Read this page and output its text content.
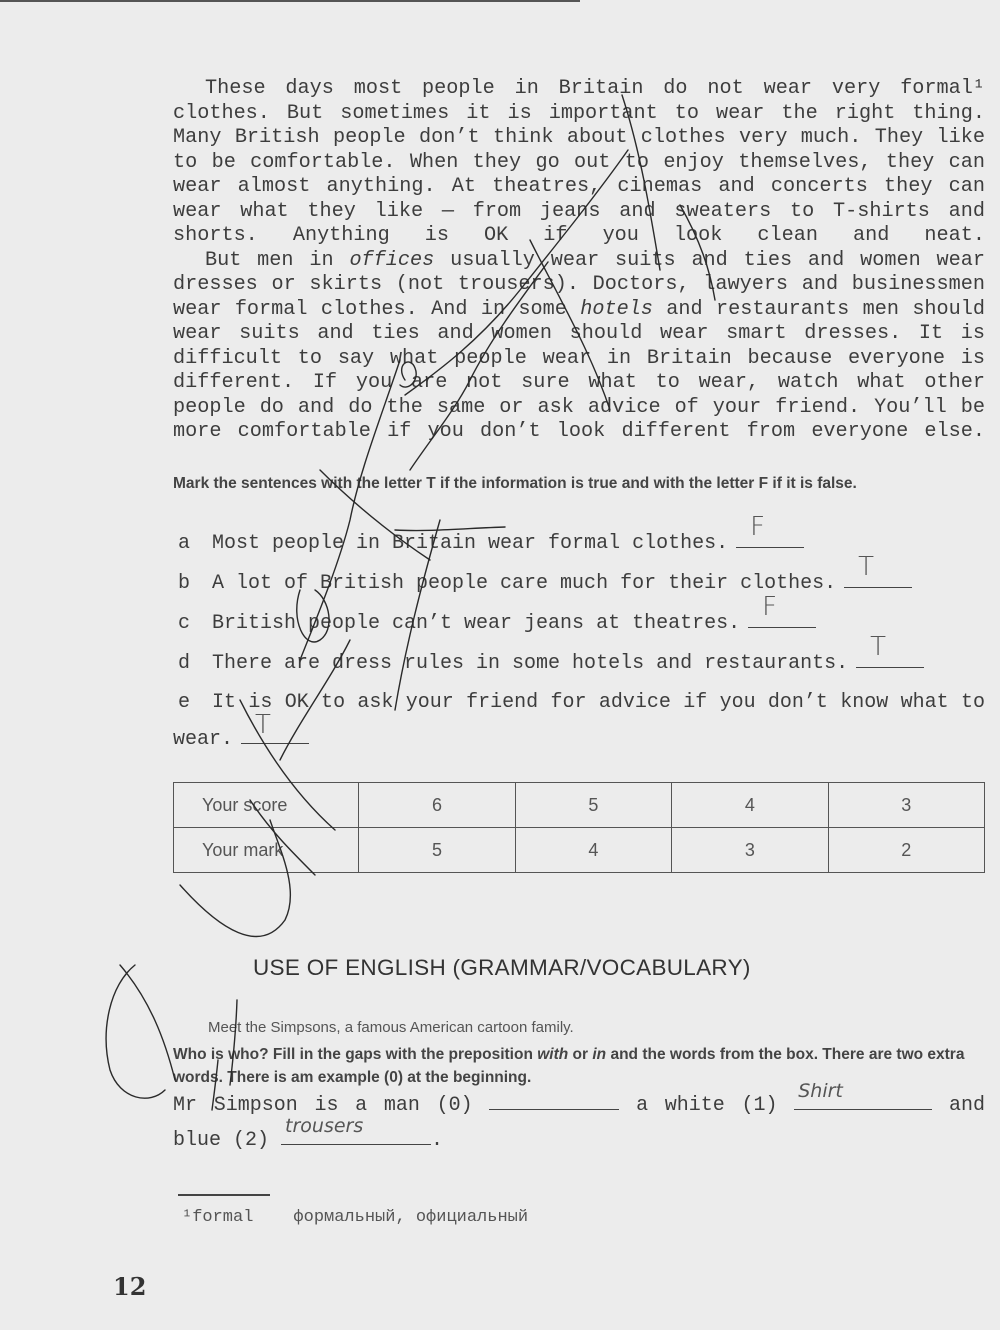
These days most people in Britain do not wear very formal¹ clothes. But sometimes it is important to wear the right thing. Many British people don’t think about clothes very much. They like to be comfortable. When they go out to enjoy themselves, they can wear almost anything. At theatres, cinemas and concerts they can wear what they like — from jeans and sweaters to T-shirts and shorts. Anything is OK if you look clean and neat.

But men in offices usually wear suits and ties and women wear dresses or skirts (not trousers). Doctors, lawyers and businessmen wear formal clothes. And in some hotels and restaurants men should wear suits and ties and women should wear smart dresses. It is difficult to say what people wear in Britain because everyone is different. If you are not sure what to wear, watch what other people do and do the same or ask advice of your friend. You’ll be more comfortable if you don’t look different from everyone else.

Mark the sentences with the letter T if the information is true and with the letter F if it is false.
a Most people in Britain wear formal clothes.
F
b A lot of British people care much for their clothes.
T
c British people can’t wear jeans at theatres.
F
d There are dress rules in some hotels and restaurants.
T
e It is OK to ask your friend for advice if you don’t know what to wear. T
Your score	6	5	4	3
Your mark	5	4	3	2
USE OF ENGLISH (GRAMMAR/VOCABULARY)
Meet the Simpsons, a famous American cartoon family.
Who is who? Fill in the gaps with the preposition with or in and the words from the box. There are two extra words. There is am example (0) at the beginning.
Mr Simpson is a man (0)	a white (1)
Shirt
and
blue (2)
trousers
.
¹formal формальный, официальный
12
